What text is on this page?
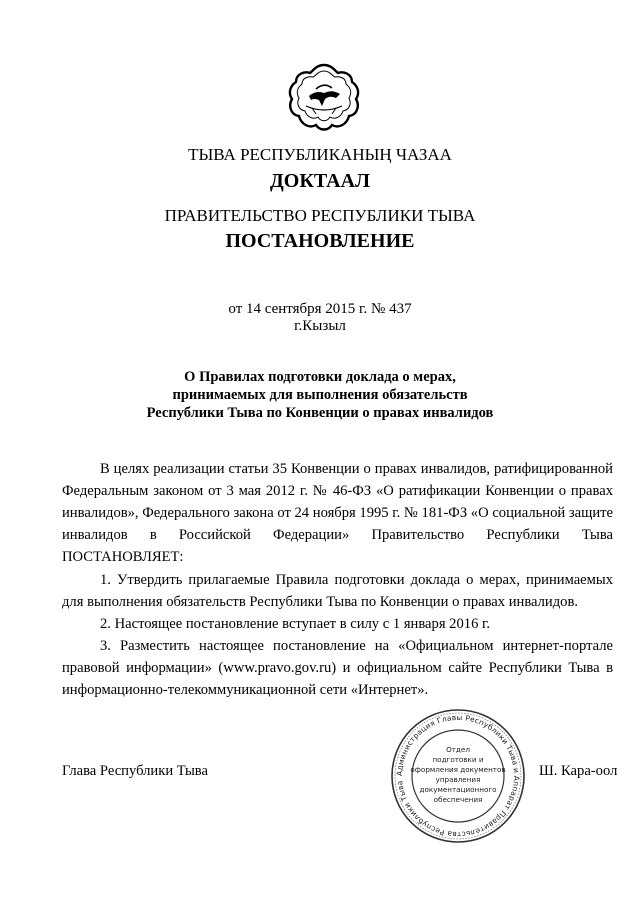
ТЫВА РЕСПУБЛИКАНЫҢ ЧАЗАА
ДОКТААЛ
ПРАВИТЕЛЬСТВО РЕСПУБЛИКИ ТЫВА
ПОСТАНОВЛЕНИЕ
от 14 сентября 2015 г. № 437
г.Кызыл
О Правилах подготовки доклада о мерах,
принимаемых для выполнения обязательств
Республики Тыва по Конвенции о правах инвалидов

В целях реализации статьи 35 Конвенции о правах инвалидов, ратифицированной Федеральным законом от 3 мая 2012 г. № 46-ФЗ «О ратификации Конвенции о правах инвалидов», Федерального закона от 24 ноября 1995 г. № 181-ФЗ «О социальной защите инвалидов в Российской Федерации» Правительство Республики Тыва ПОСТАНОВЛЯЕТ:

1. Утвердить прилагаемые Правила подготовки доклада о мерах, принимаемых для выполнения обязательств Республики Тыва по Конвенции о правах инвалидов.

2. Настоящее постановление вступает в силу с 1 января 2016 г.

3. Разместить настоящее постановление на «Официальном интернет-портале правовой информации» (www.pravo.gov.ru) и официальном сайте Республики Тыва в информационно-телекоммуникационной сети «Интернет».

Глава Республики Тыва	Ш. Кара-оол
Администрация Главы Республики Тыва и Аппарат Правительства Республики Тыва
Отдел
подготовки и
оформления документов
управления
документационного
обеспечения
